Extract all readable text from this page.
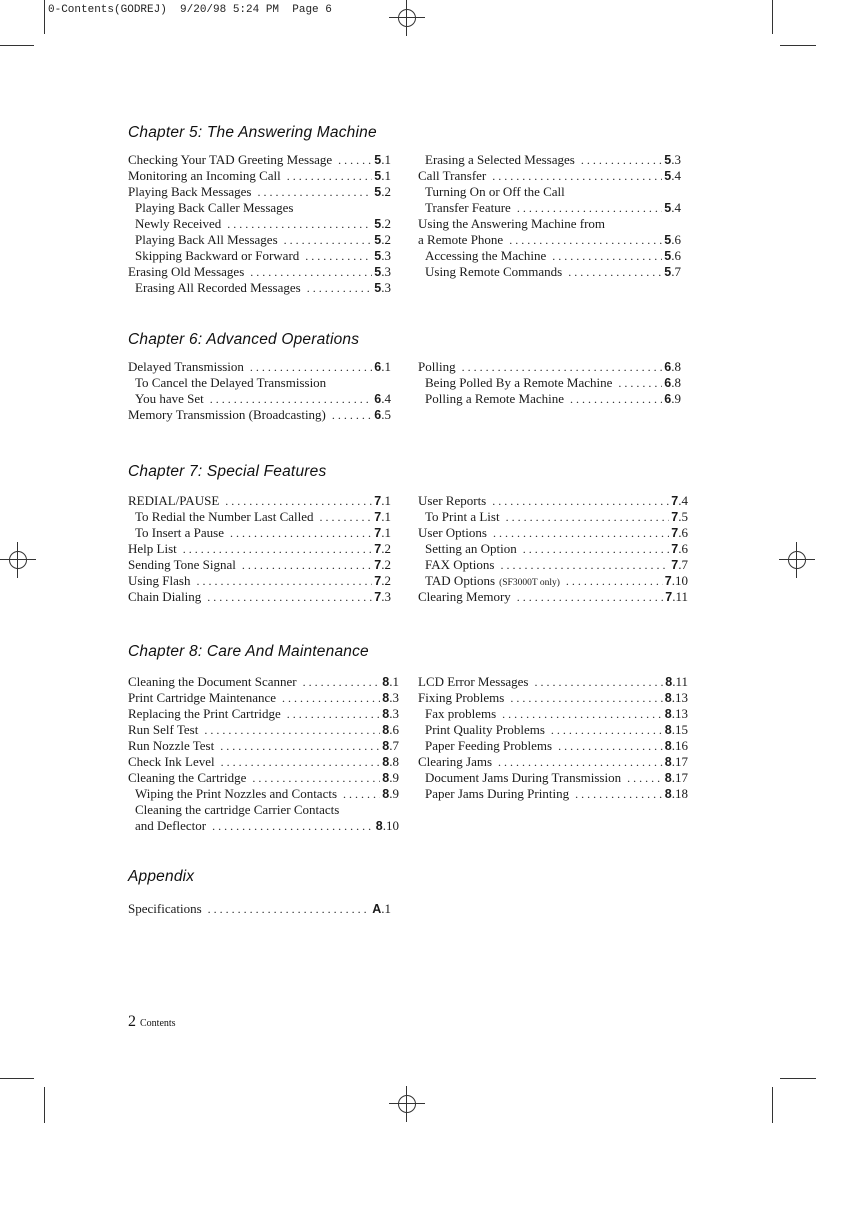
0-Contents(GODREJ)  9/20/98 5:24 PM  Page 6
Chapter 5: The Answering Machine
Chapter 6: Advanced Operations
Chapter 7: Special Features
Chapter 8: Care And Maintenance
Appendix
Checking Your TAD Greeting Message . . .	5.1
Monitoring an Incoming Call . . .	5.1
Playing Back Messages . . .	5.2
Playing Back Caller Messages
Newly Received . . .	5.2
Playing Back All Messages . . .	5.2
Skipping Backward or Forward . . .	5.3
Erasing Old Messages . . .	5.3
Erasing All Recorded Messages . . .	5.3
Erasing a Selected Messages . . .	5.3
Call Transfer . . .	5.4
Turning On or Off the Call
Transfer Feature . . .	5.4
Using the Answering Machine from
a Remote Phone . . .	5.6
Accessing the Machine . . .	5.6
Using Remote Commands . . .	5.7
Delayed Transmission . . .	6.1
To Cancel the Delayed Transmission
You have Set . . .	6.4
Memory Transmission (Broadcasting) . . .	6.5
Polling . . .	6.8
Being Polled By a Remote Machine . . .	6.8
Polling a Remote Machine . . .	6.9
REDIAL/PAUSE . . .	7.1
To Redial the Number Last Called . . .	7.1
To Insert a Pause . . .	7.1
Help List . . .	7.2
Sending Tone Signal . . .	7.2
Using Flash . . .	7.2
Chain Dialing . . .	7.3
User Reports . . .	7.4
To Print a List . . .	7.5
User Options . . .	7.6
Setting an Option . . .	7.6
FAX Options . . .	7.7
TAD Options (SF3000T only) . . .	7.10
Clearing Memory . . .	7.11
Cleaning the Document Scanner . . .	8.1
Print Cartridge Maintenance . . .	8.3
Replacing the Print Cartridge . . .	8.3
Run Self Test . . .	8.6
Run Nozzle Test . . .	8.7
Check Ink Level . . .	8.8
Cleaning the Cartridge . . .	8.9
Wiping the Print Nozzles and Contacts . . .	8.9
Cleaning the cartridge Carrier Contacts
and Deflector . . .	8.10
LCD Error Messages . . .	8.11
Fixing Problems . . .	8.13
Fax problems . . .	8.13
Print Quality Problems . . .	8.15
Paper Feeding Problems . . .	8.16
Clearing Jams . . .	8.17
Document Jams During Transmission . . .	8.17
Paper Jams During Printing . . .	8.18
Specifications . . .	A.1
2 Contents
